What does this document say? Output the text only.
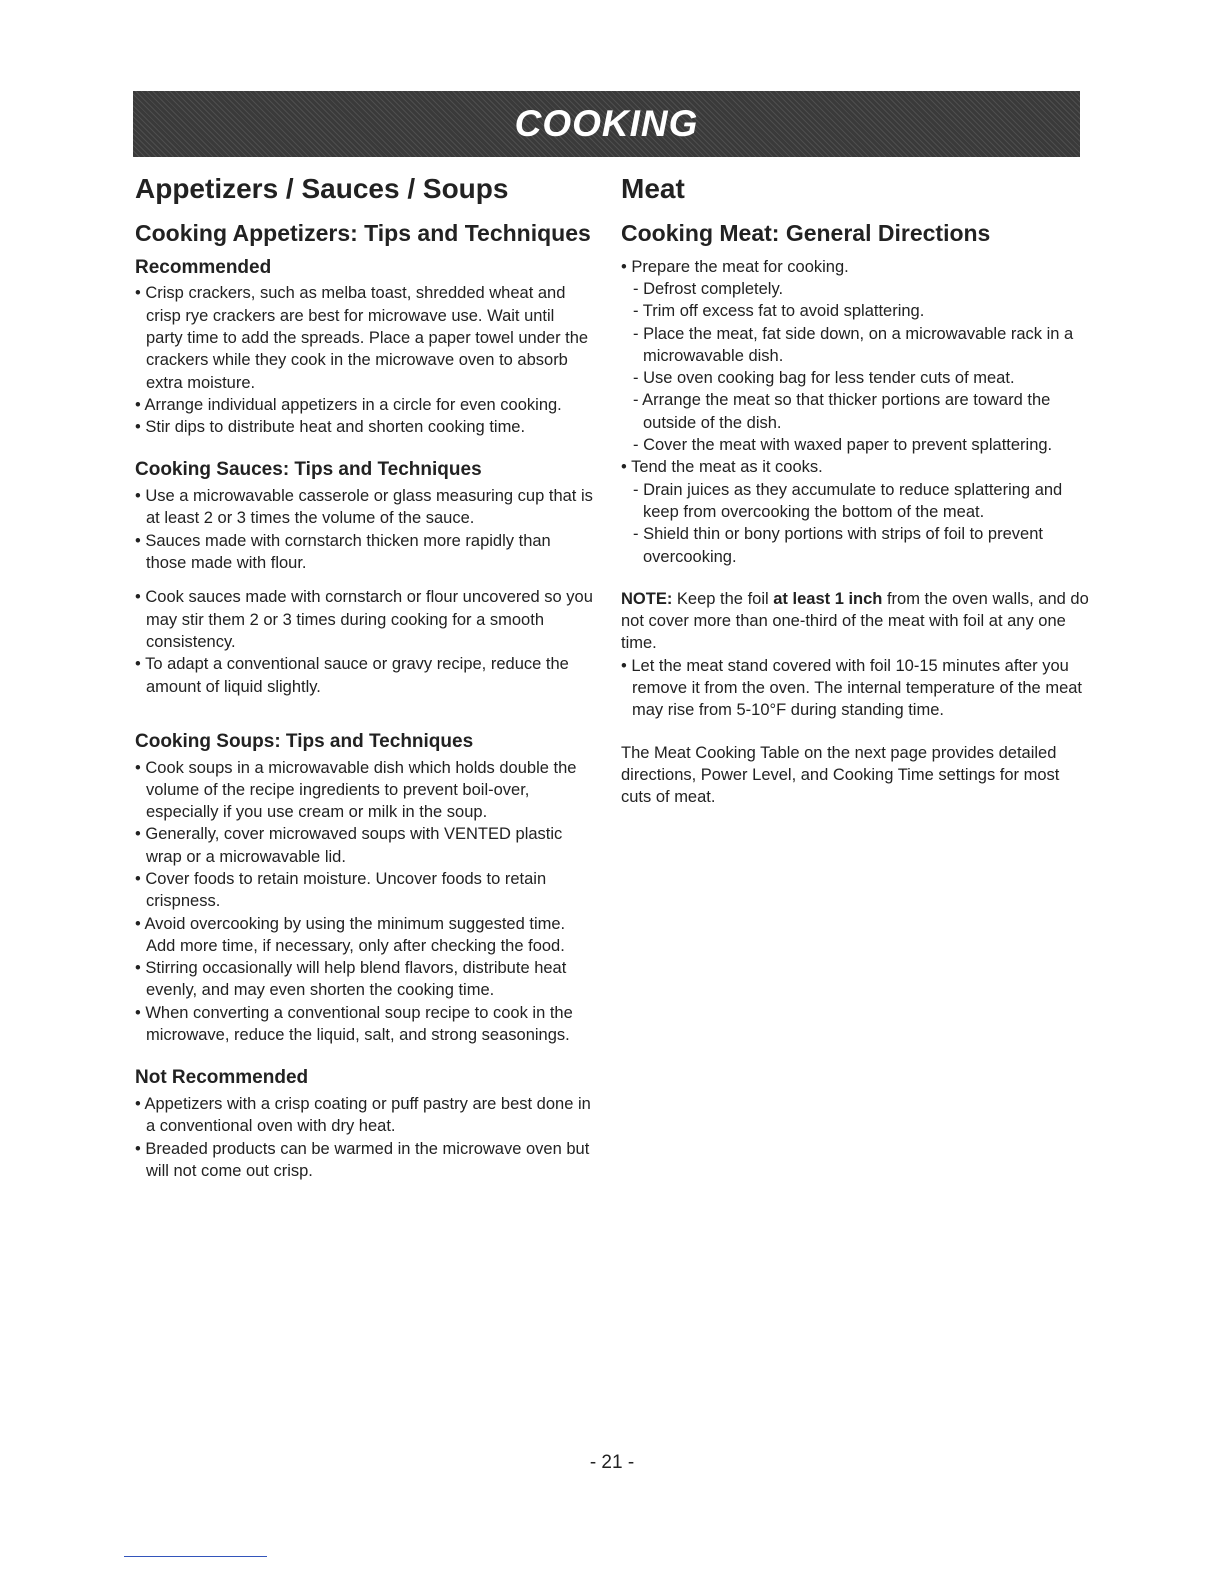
COOKING
Appetizers / Sauces / Soups
Cooking Appetizers: Tips and Techniques
Recommended
• Crisp crackers, such as melba toast, shredded wheat and crisp rye crackers are best for microwave use. Wait until party time to add the spreads. Place a paper towel under the crackers while they cook in the microwave oven to absorb extra moisture.
• Arrange individual appetizers in a circle for even cooking.
• Stir dips to distribute heat and shorten cooking time.
Cooking Sauces: Tips and Techniques
• Use a microwavable casserole or glass measuring cup that is at least 2 or 3 times the volume of the sauce.
• Sauces made with cornstarch thicken more rapidly than those made with flour.
• Cook sauces made with cornstarch or flour uncovered so you may stir them 2 or 3 times during cooking for a smooth consistency.
• To adapt a conventional sauce or gravy recipe, reduce the amount of liquid slightly.
Cooking Soups: Tips and Techniques
• Cook soups in a microwavable dish which holds double the volume of the recipe ingredients to prevent boil-over, especially if you use cream or milk in the soup.
• Generally, cover microwaved soups with VENTED plastic wrap or a microwavable lid.
• Cover foods to retain moisture. Uncover foods to retain crispness.
• Avoid overcooking by using the minimum suggested time. Add more time, if necessary, only after checking the food.
• Stirring occasionally will help blend flavors, distribute heat evenly, and may even shorten the cooking time.
• When converting a conventional soup recipe to cook in the microwave, reduce the liquid, salt, and strong seasonings.
Not Recommended
• Appetizers with a crisp coating or puff pastry are best done in a conventional oven with dry heat.
• Breaded products can be warmed in the microwave oven but will not come out crisp.
Meat
Cooking Meat: General Directions
• Prepare the meat for cooking.
- Defrost completely.
- Trim off excess fat to avoid splattering.
- Place the meat, fat side down, on a microwavable rack in a microwavable dish.
- Use oven cooking bag for less tender cuts of meat.
- Arrange the meat so that thicker portions are toward the outside of the dish.
- Cover the meat with waxed paper to prevent splattering.
• Tend the meat as it cooks.
- Drain juices as they accumulate to reduce splattering and keep from overcooking the bottom of the meat.
- Shield thin or bony portions with strips of foil to prevent overcooking.

NOTE: Keep the foil at least 1 inch from the oven walls, and do not cover more than one-third of the meat with foil at any one time.

• Let the meat stand covered with foil 10-15 minutes after you remove it from the oven. The internal temperature of the meat may rise from 5-10°F during standing time.

The Meat Cooking Table on the next page provides detailed directions, Power Level, and Cooking Time settings for most cuts of meat.

- 21 -
